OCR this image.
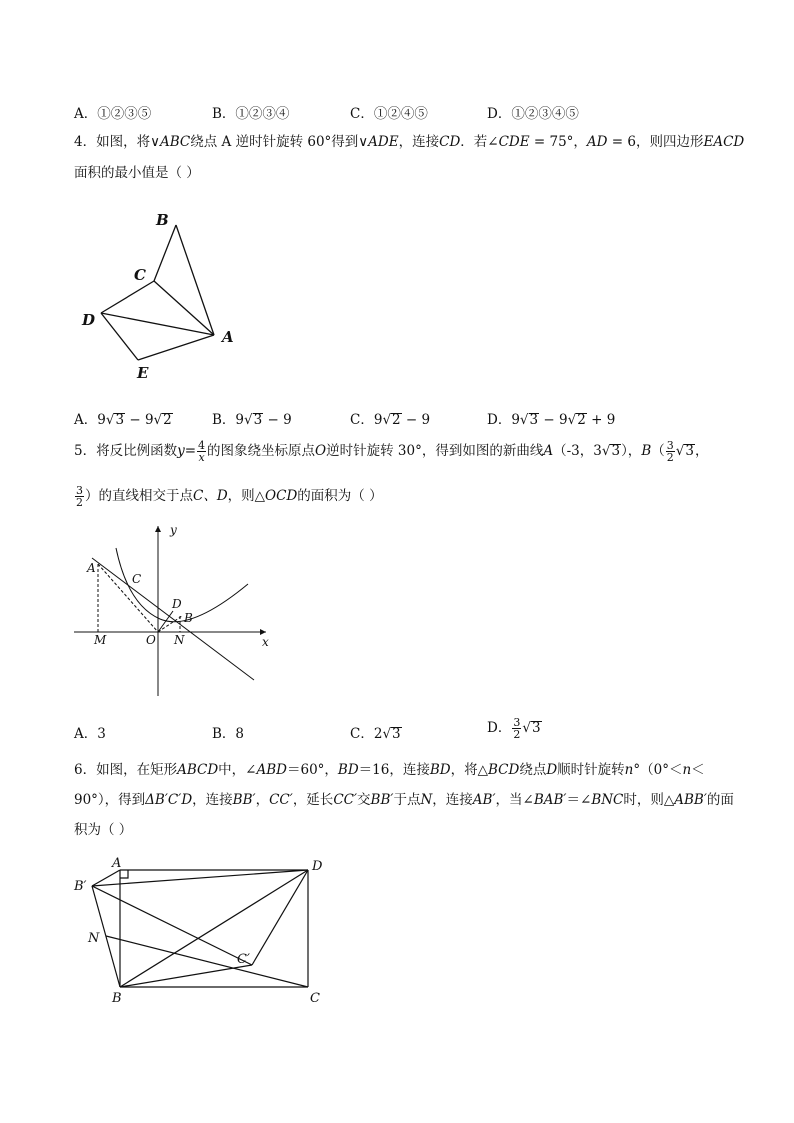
A．①②③⑤	B．①②③④	C．①②④⑤	D．①②③④⑤
4．如图，将∨ABC绕点 A 逆时针旋转 60°得到∨ADE，连接CD．若∠CDE = 75°，AD = 6，则四边形EACD
面积的最小值是（ ）
B
C
D
A
E
A．9√3 − 9√2	B．9√3 − 9	C．9√2 − 9	D．9√3 − 9√2 + 9
5．将反比例函数$y= \frac{4}{x}$ 的图象绕坐标原点O逆时针旋转 30°，得到如图的新曲线A（-3，3√3），$B( \frac{3}{2} √3$，
$\frac{3}{2}$ ）的直线相交于点C、D，则△OCD的面积为（ ）
y
x
A
C
D
B
M	O N
A．3	B．8	C．2√3	D． $\frac{3}{2} √3$
6．如图，在矩形ABCD中，∠ABD＝60°，BD＝16，连接BD，将△BCD绕点D顺时针旋转n°（0°＜n＜
90°），得到ΔB′C′D，连接BB′，CC′，延长CC′交BB′于点N，连接AB′，当∠BAB′＝∠BNC时，则△ABB′的面
积为（ ）
A	D
B′
N
C′
B	C
